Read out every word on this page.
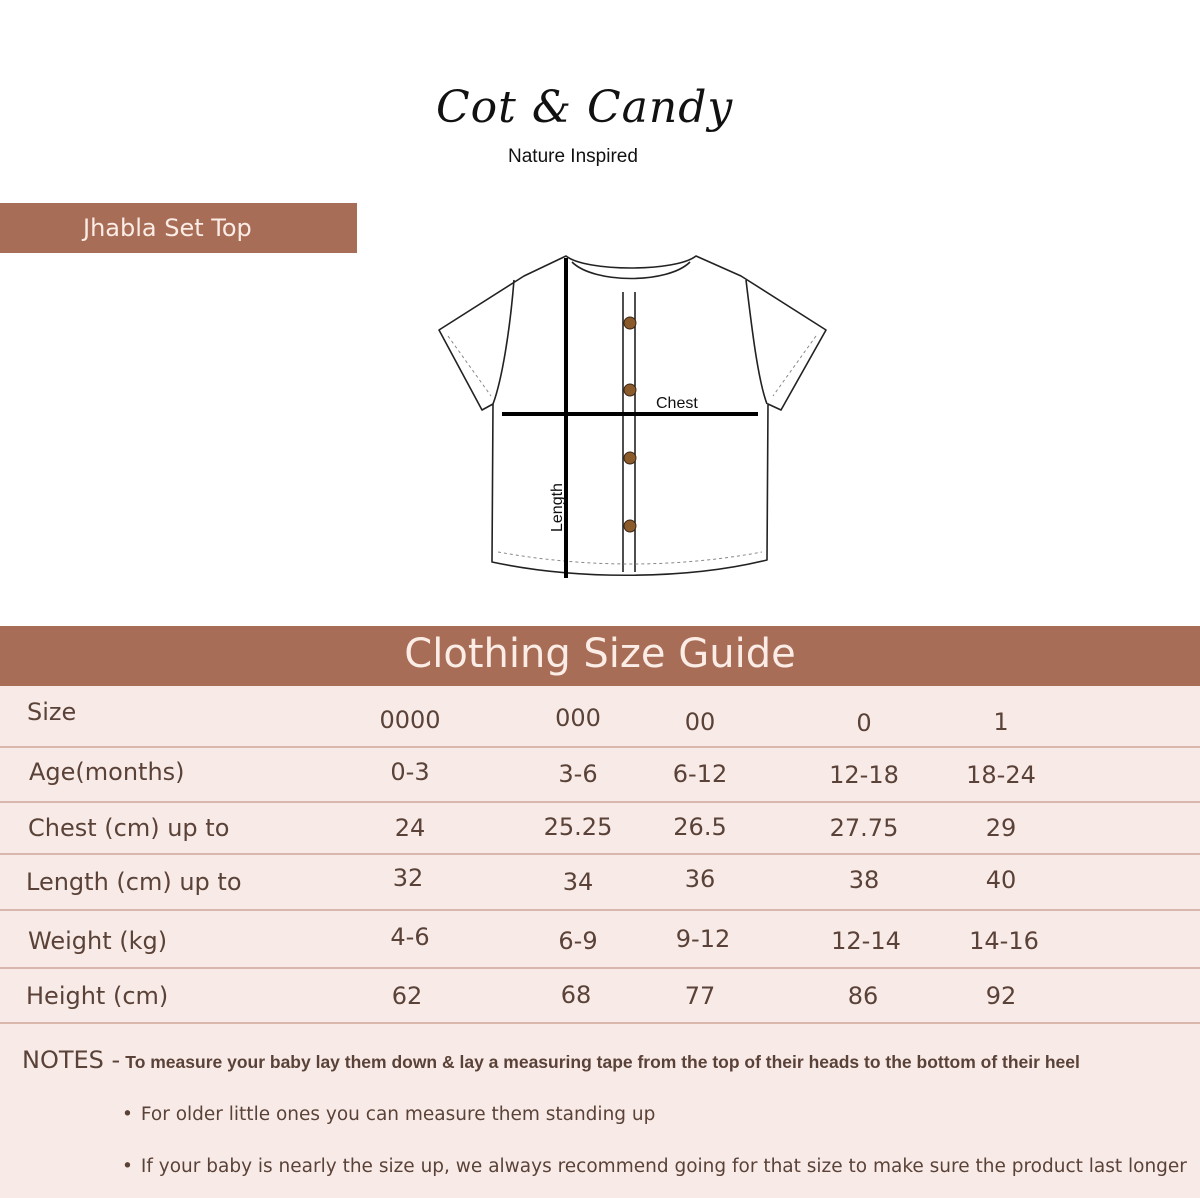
Cot & Candy
Nature Inspired
Jhabla Set Top
Chest
Length
Clothing Size Guide
Size	0000	000	00	0	1
Age(months)	0-3	3-6	6-12	12-18	18-24
Chest (cm) up to	24	25.25	26.5	27.75	29
Length (cm) up to	32	34	36	38	40
Weight (kg)	4-6	6-9	9-12	12-14	14-16
Height (cm)	62	68	77	86	92
NOTES - To measure your baby lay them down & lay a measuring tape from the top of their heads to the bottom of their heel
• For older little ones you can measure them standing up
• If your baby is nearly the size up, we always recommend going for that size to make sure the product last longer
